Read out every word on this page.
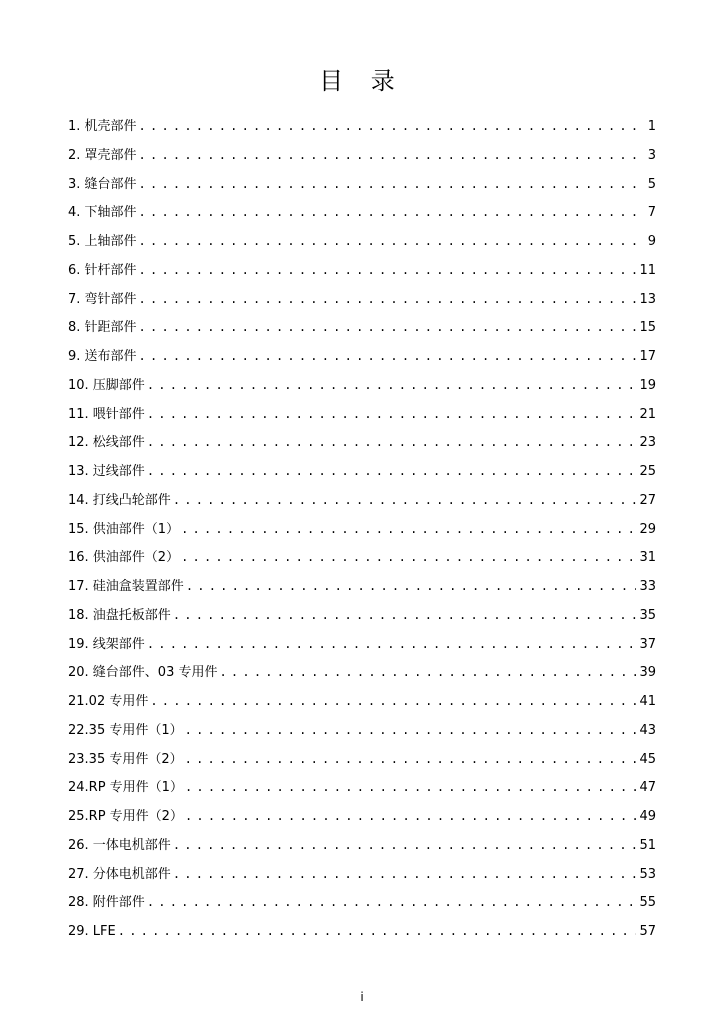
目 录
1. 机壳部件 . . .	1
2. 罩壳部件 . . .	3
3. 缝台部件 . . .	5
4. 下轴部件 . . .	7
5. 上轴部件 . . .	9
6. 针杆部件 . . .	11
7. 弯针部件 . . .	13
8. 针距部件 . . .	15
9. 送布部件 . . .	17
10. 压脚部件 . . .	19
11. 喂针部件 . . .	21
12. 松线部件 . . .	23
13. 过线部件 . . .	25
14. 打线凸轮部件 . . .	27
15. 供油部件（1） . . .	29
16. 供油部件（2） . . .	31
17. 硅油盒装置部件 . . .	33
18. 油盘托板部件 . . .	35
19. 线架部件 . . .	37
20. 缝台部件、03 专用件 . . .	39
21.02 专用件 . . .	41
22.35 专用件（1） . . .	43
23.35 专用件（2） . . .	45
24.RP 专用件（1） . . .	47
25.RP 专用件（2） . . .	49
26. 一体电机部件 . . .	51
27. 分体电机部件 . . .	53
28. 附件部件 . . .	55
29. LFE . . .	57
i
